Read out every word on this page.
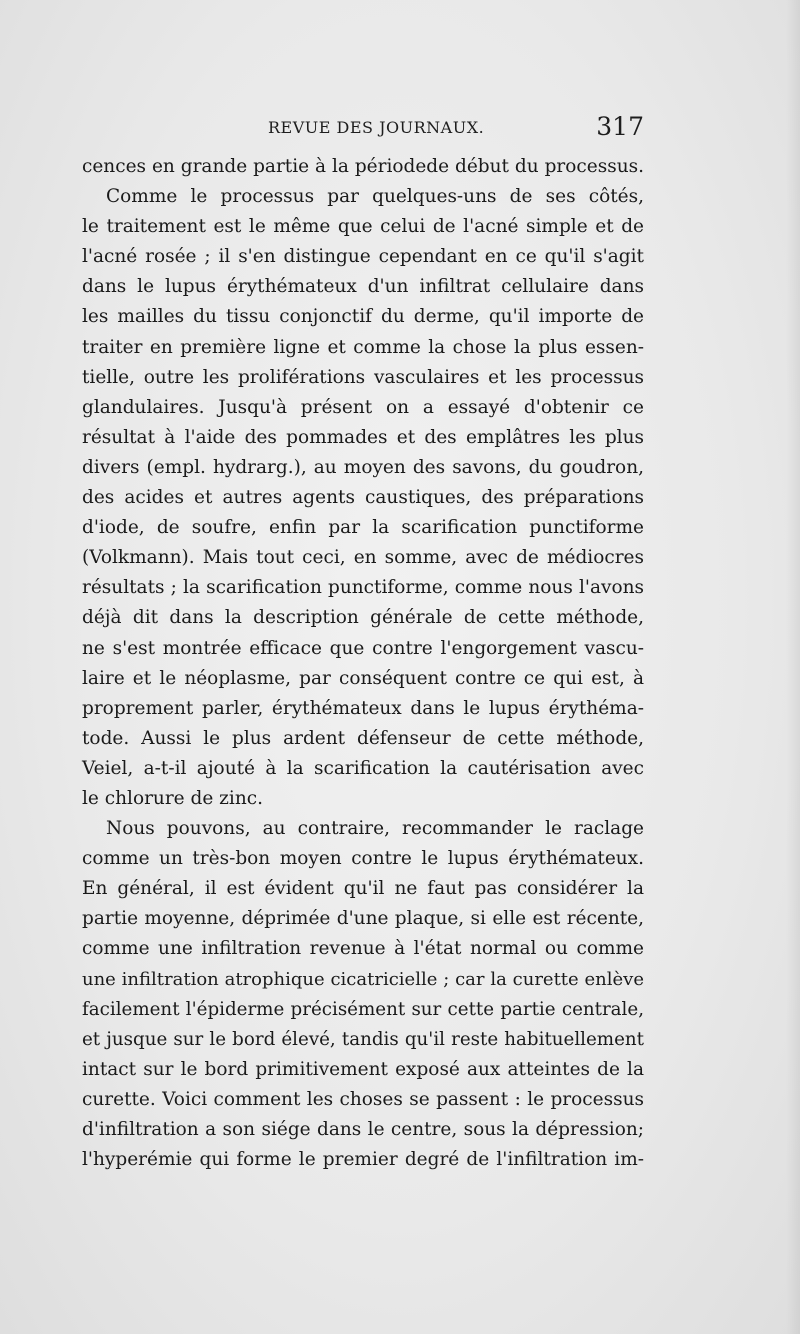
REVUE DES JOURNAUX.	317
cences en grande partie à la périodede début du processus.
Comme le processus par quelques-uns de ses côtés,
le traitement est le même que celui de l'acné simple et de
l'acné rosée ; il s'en distingue cependant en ce qu'il s'agit
dans le lupus érythémateux d'un infiltrat cellulaire dans
les mailles du tissu conjonctif du derme, qu'il importe de
traiter en première ligne et comme la chose la plus essen-
tielle, outre les proliférations vasculaires et les processus
glandulaires. Jusqu'à présent on a essayé d'obtenir ce
résultat à l'aide des pommades et des emplâtres les plus
divers (empl. hydrarg.), au moyen des savons, du goudron,
des acides et autres agents caustiques, des préparations
d'iode, de soufre, enfin par la scarification punctiforme
(Volkmann). Mais tout ceci, en somme, avec de médiocres
résultats ; la scarification punctiforme, comme nous l'avons
déjà dit dans la description générale de cette méthode,
ne s'est montrée efficace que contre l'engorgement vascu-
laire et le néoplasme, par conséquent contre ce qui est, à
proprement parler, érythémateux dans le lupus érythéma-
tode. Aussi le plus ardent défenseur de cette méthode,
Veiel, a-t-il ajouté à la scarification la cautérisation avec
le chlorure de zinc.
Nous pouvons, au contraire, recommander le raclage
comme un très-bon moyen contre le lupus érythémateux.
En général, il est évident qu'il ne faut pas considérer la
partie moyenne, déprimée d'une plaque, si elle est récente,
comme une infiltration revenue à l'état normal ou comme
une infiltration atrophique cicatricielle ; car la curette enlève
facilement l'épiderme précisément sur cette partie centrale,
et jusque sur le bord élevé, tandis qu'il reste habituellement
intact sur le bord primitivement exposé aux atteintes de la
curette. Voici comment les choses se passent : le processus
d'infiltration a son siége dans le centre, sous la dépression;
l'hyperémie qui forme le premier degré de l'infiltration im-
